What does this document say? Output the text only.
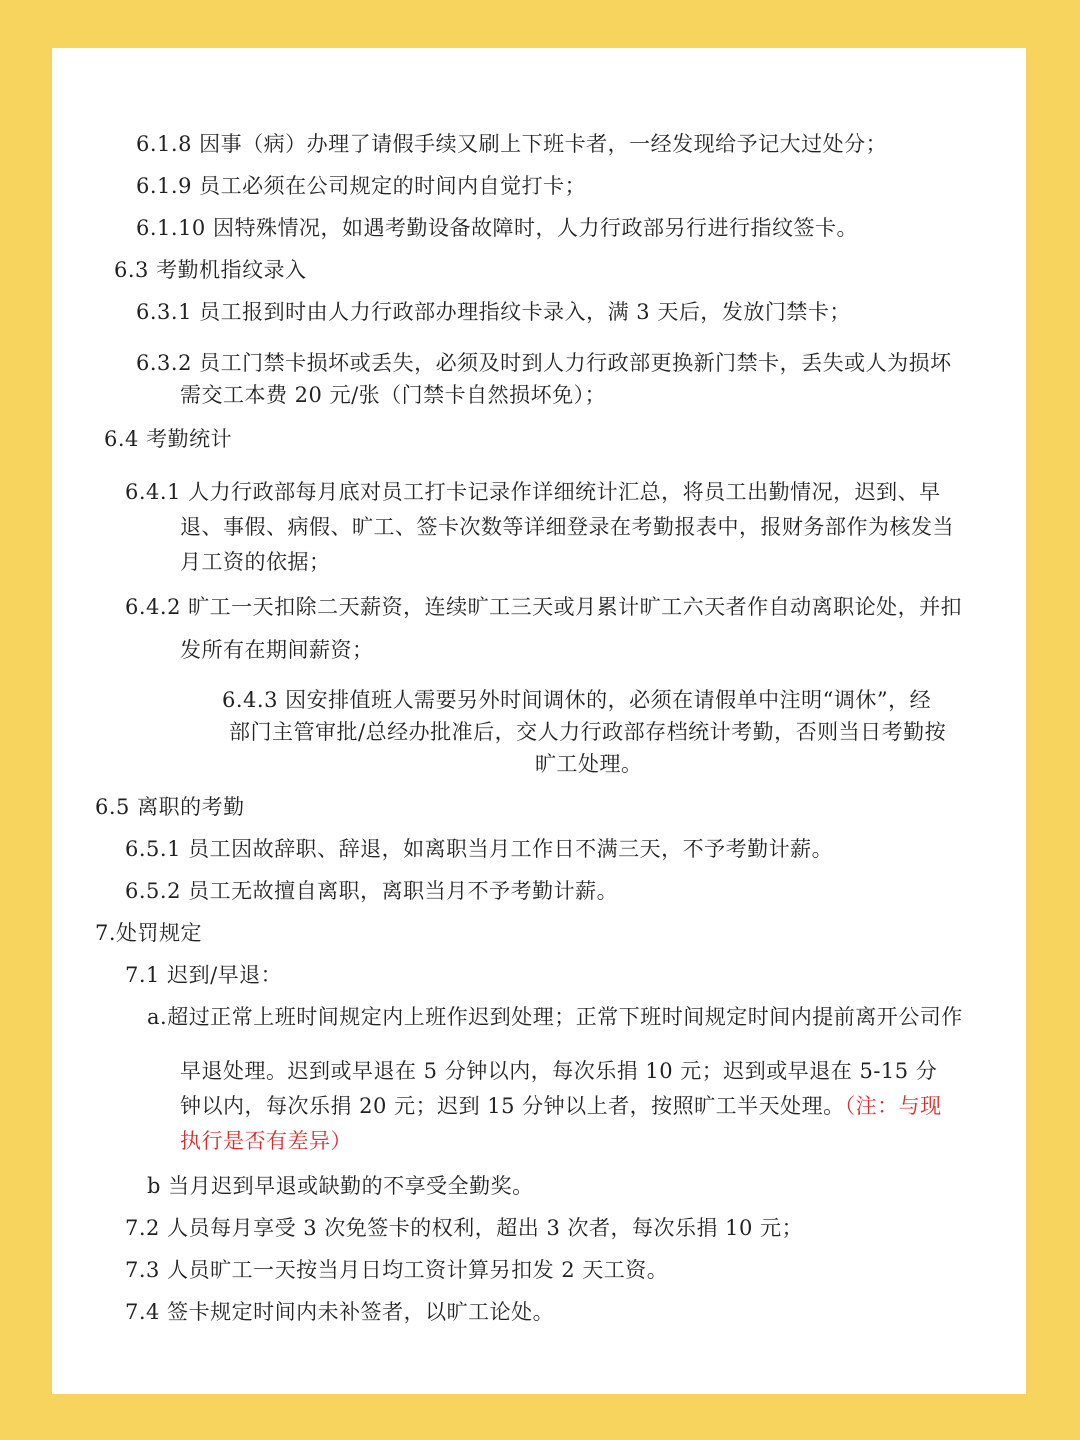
6.1.8 因事（病）办理了请假手续又刷上下班卡者，一经发现给予记大过处分；
6.1.9 员工必须在公司规定的时间内自觉打卡；
6.1.10 因特殊情况，如遇考勤设备故障时，人力行政部另行进行指纹签卡。
6.3 考勤机指纹录入
6.3.1 员工报到时由人力行政部办理指纹卡录入，满 3 天后，发放门禁卡；
6.3.2 员工门禁卡损坏或丢失，必须及时到人力行政部更换新门禁卡，丢失或人为损坏
需交工本费 20 元/张（门禁卡自然损坏免）；
6.4 考勤统计
6.4.1 人力行政部每月底对员工打卡记录作详细统计汇总，将员工出勤情况，迟到、早
退、事假、病假、旷工、签卡次数等详细登录在考勤报表中，报财务部作为核发当
月工资的依据；
6.4.2 旷工一天扣除二天薪资，连续旷工三天或月累计旷工六天者作自动离职论处，并扣
发所有在期间薪资；
6.4.3 因安排值班人需要另外时间调休的，必须在请假单中注明“调休”，经
部门主管审批/总经办批准后，交人力行政部存档统计考勤，否则当日考勤按
旷工处理。
6.5 离职的考勤
6.5.1 员工因故辞职、辞退，如离职当月工作日不满三天，不予考勤计薪。
6.5.2 员工无故擅自离职，离职当月不予考勤计薪。
7.处罚规定
7.1 迟到/早退：
a.超过正常上班时间规定内上班作迟到处理；正常下班时间规定时间内提前离开公司作
早退处理。迟到或早退在 5 分钟以内，每次乐捐 10 元；迟到或早退在 5-15 分
钟以内，每次乐捐 20 元；迟到 15 分钟以上者，按照旷工半天处理。（注：与现
执行是否有差异）
b 当月迟到早退或缺勤的不享受全勤奖。
7.2 人员每月享受 3 次免签卡的权利，超出 3 次者，每次乐捐 10 元；
7.3 人员旷工一天按当月日均工资计算另扣发 2 天工资。
7.4 签卡规定时间内未补签者，以旷工论处。
